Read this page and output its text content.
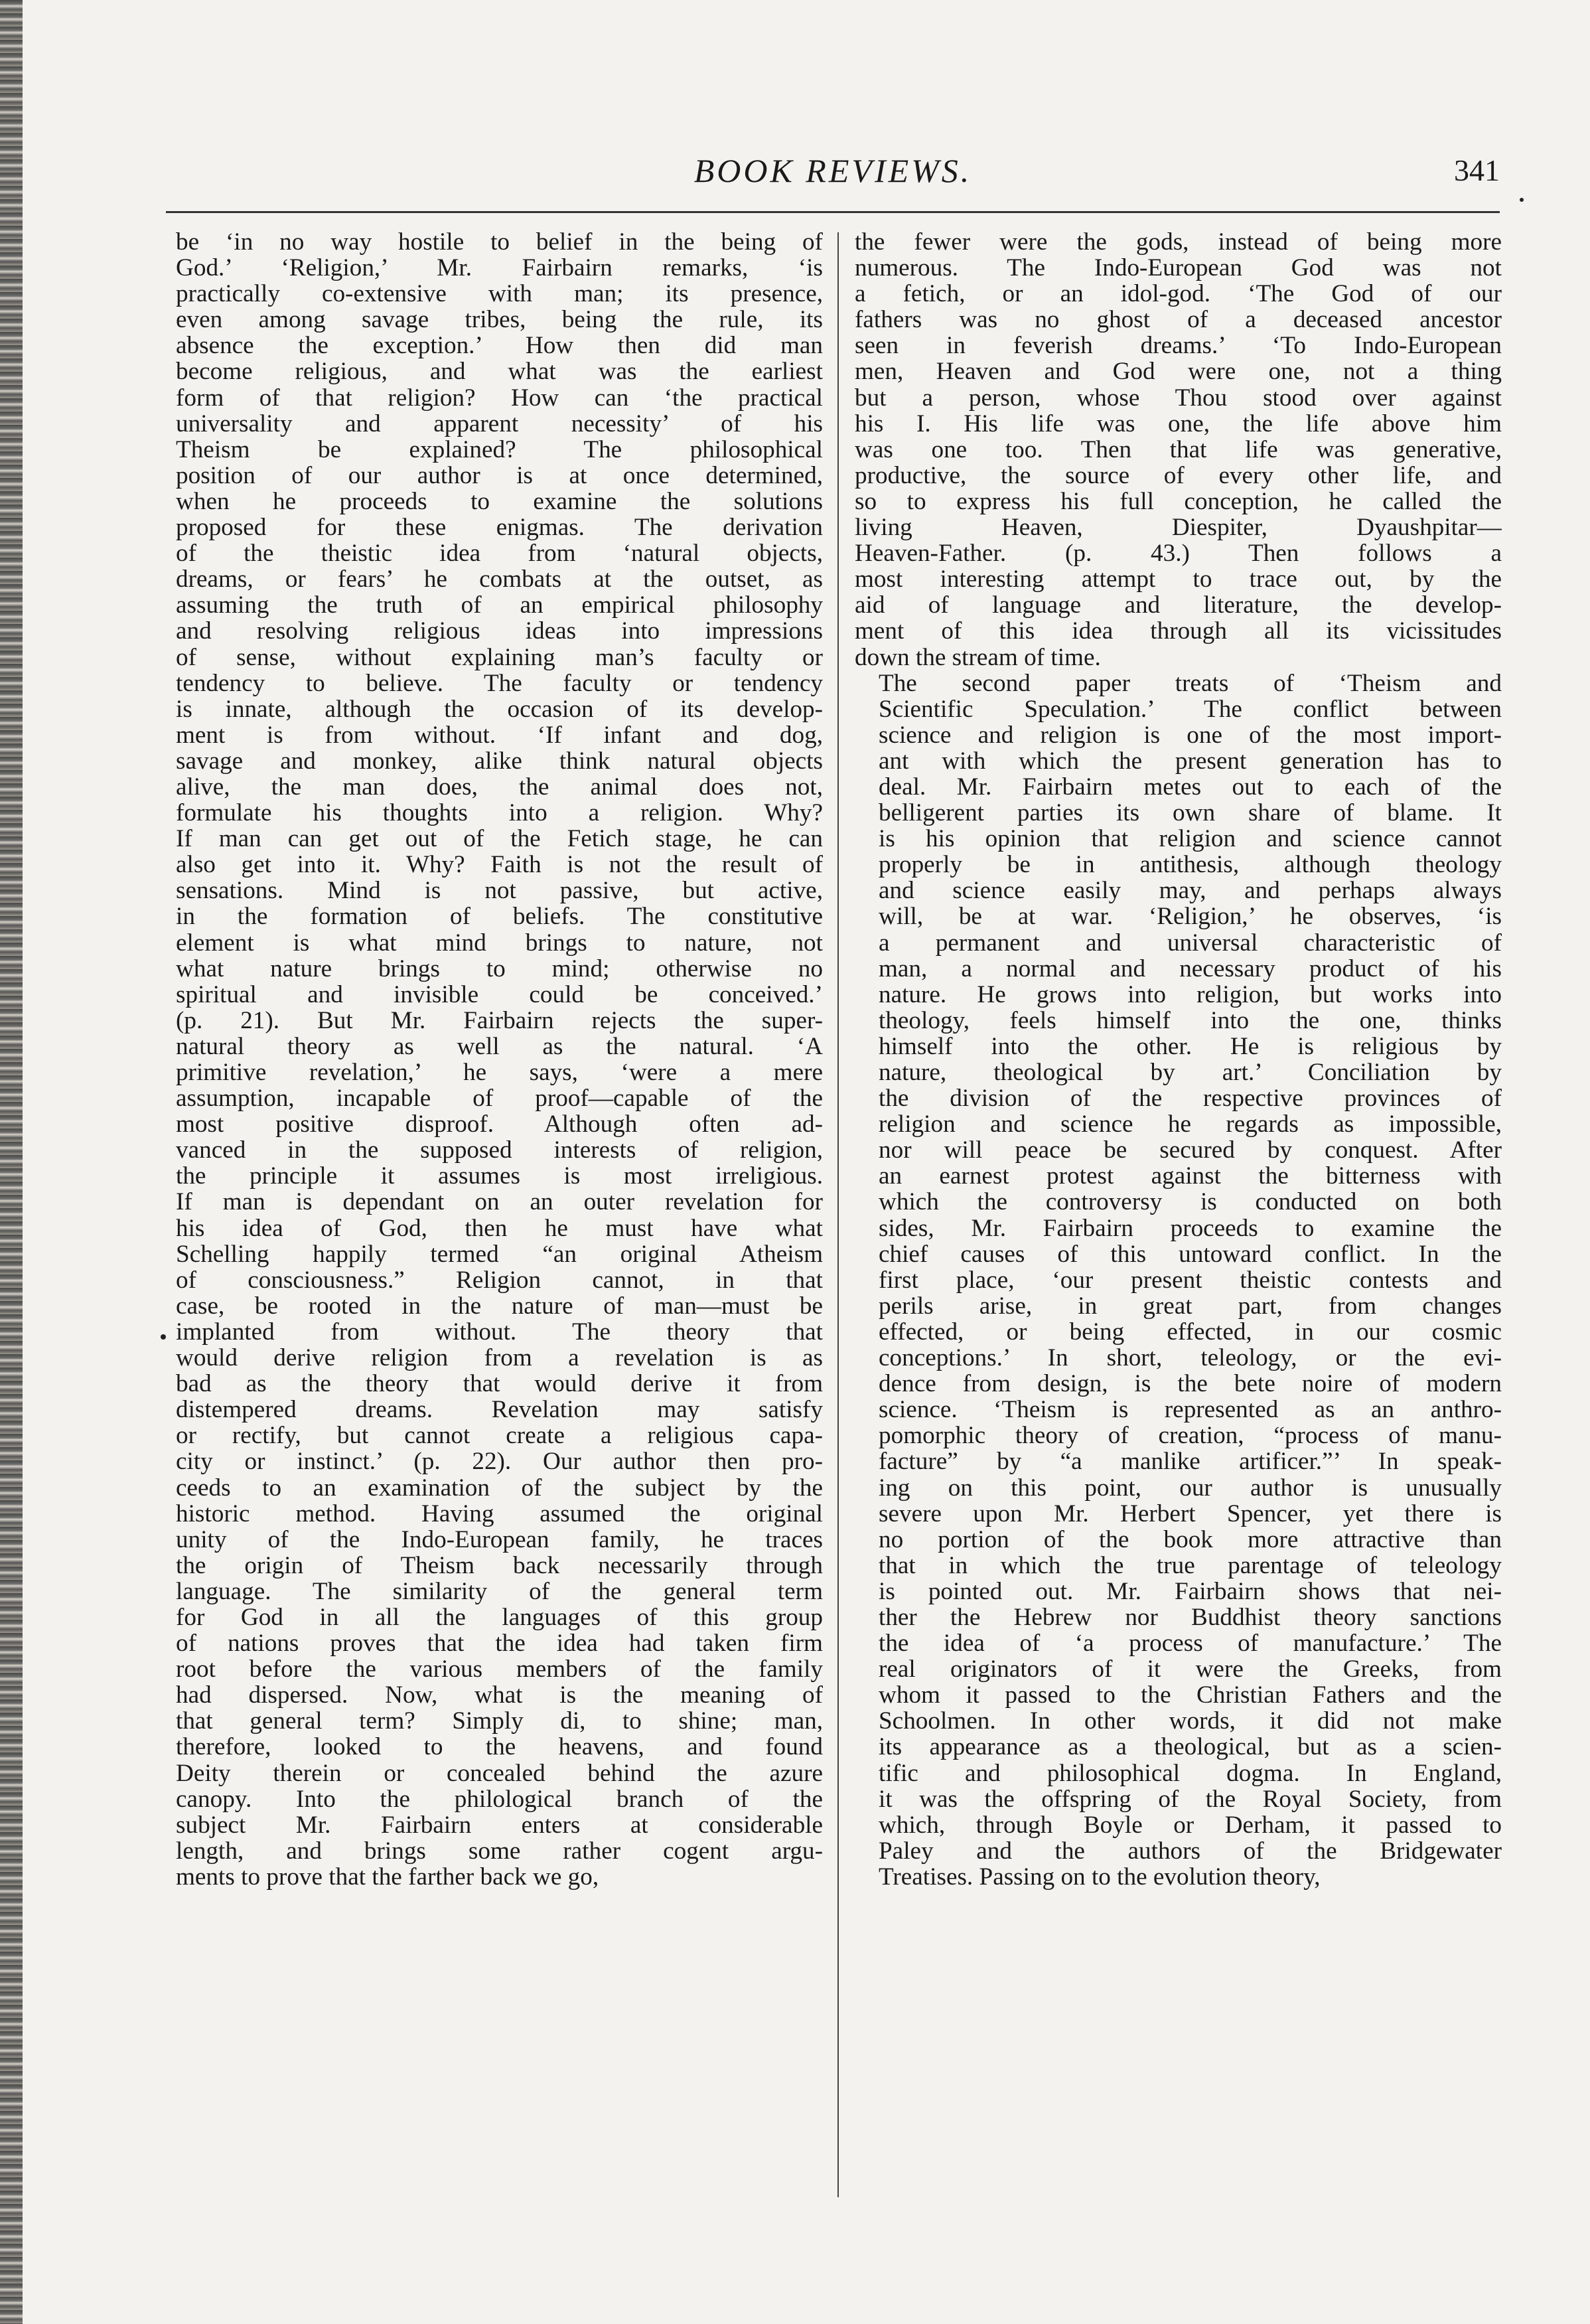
BOOK REVIEWS.	341

be ‘in no way hostile to belief in the being of
God.’ ‘Religion,’ Mr. Fairbairn remarks, ‘is
practically co-extensive with man; its presence,
even among savage tribes, being the rule, its
absence the exception.’ How then did man
become religious, and what was the earliest
form of that religion? How can ‘the practical
universality and apparent necessity’ of his
Theism be explained? The philosophical
position of our author is at once determined,
when he proceeds to examine the solutions
proposed for these enigmas. The derivation
of the theistic idea from ‘natural objects,
dreams, or fears’ he combats at the outset, as
assuming the truth of an empirical philosophy
and resolving religious ideas into impressions
of sense, without explaining man’s faculty or
tendency to believe. The faculty or tendency
is innate, although the occasion of its develop-
ment is from without. ‘If infant and dog,
savage and monkey, alike think natural objects
alive, the man does, the animal does not,
formulate his thoughts into a religion. Why?
If man can get out of the Fetich stage, he can
also get into it. Why? Faith is not the result of
sensations. Mind is not passive, but active,
in the formation of beliefs. The constitutive
element is what mind brings to nature, not
what nature brings to mind; otherwise no
spiritual and invisible could be conceived.’
(p. 21). But Mr. Fairbairn rejects the super-
natural theory as well as the natural. ‘A
primitive revelation,’ he says, ‘were a mere
assumption, incapable of proof—capable of the
most positive disproof. Although often ad-
vanced in the supposed interests of religion,
the principle it assumes is most irreligious.
If man is dependant on an outer revelation for
his idea of God, then he must have what
Schelling happily termed “an original Atheism
of consciousness.” Religion cannot, in that
case, be rooted in the nature of man—must be
implanted from without. The theory that
would derive religion from a revelation is as
bad as the theory that would derive it from
distempered dreams. Revelation may satisfy
or rectify, but cannot create a religious capa-
city or instinct.’ (p. 22). Our author then pro-
ceeds to an examination of the subject by the
historic method. Having assumed the original
unity of the Indo-European family, he traces
the origin of Theism back necessarily through
language. The similarity of the general term
for God in all the languages of this group
of nations proves that the idea had taken firm
root before the various members of the family
had dispersed. Now, what is the meaning of
that general term? Simply di, to shine; man,
therefore, looked to the heavens, and found
Deity therein or concealed behind the azure
canopy. Into the philological branch of the
subject Mr. Fairbairn enters at considerable
length, and brings some rather cogent argu-
ments to prove that the farther back we go,

the fewer were the gods, instead of being more
numerous. The Indo-European God was not
a fetich, or an idol-god. ‘The God of our
fathers was no ghost of a deceased ancestor
seen in feverish dreams.’ ‘To Indo-European
men, Heaven and God were one, not a thing
but a person, whose Thou stood over against
his I. His life was one, the life above him
was one too. Then that life was generative,
productive, the source of every other life, and
so to express his full conception, he called the
living Heaven, Diespiter, Dyaushpitar—
Heaven-Father. (p. 43.) Then follows a
most interesting attempt to trace out, by the
aid of language and literature, the develop-
ment of this idea through all its vicissitudes
down the stream of time.

The second paper treats of ‘Theism and
Scientific Speculation.’ The conflict between
science and religion is one of the most import-
ant with which the present generation has to
deal. Mr. Fairbairn metes out to each of the
belligerent parties its own share of blame. It
is his opinion that religion and science cannot
properly be in antithesis, although theology
and science easily may, and perhaps always
will, be at war. ‘Religion,’ he observes, ‘is
a permanent and universal characteristic of
man, a normal and necessary product of his
nature. He grows into religion, but works into
theology, feels himself into the one, thinks
himself into the other. He is religious by
nature, theological by art.’ Conciliation by
the division of the respective provinces of
religion and science he regards as impossible,
nor will peace be secured by conquest. After
an earnest protest against the bitterness with
which the controversy is conducted on both
sides, Mr. Fairbairn proceeds to examine the
chief causes of this untoward conflict. In the
first place, ‘our present theistic contests and
perils arise, in great part, from changes
effected, or being effected, in our cosmic
conceptions.’ In short, teleology, or the evi-
dence from design, is the bete noire of modern
science. ‘Theism is represented as an anthro-
pomorphic theory of creation, “process of manu-
facture” by “a manlike artificer.”’ In speak-
ing on this point, our author is unusually
severe upon Mr. Herbert Spencer, yet there is
no portion of the book more attractive than
that in which the true parentage of teleology
is pointed out. Mr. Fairbairn shows that nei-
ther the Hebrew nor Buddhist theory sanctions
the idea of ‘a process of manufacture.’ The
real originators of it were the Greeks, from
whom it passed to the Christian Fathers and the
Schoolmen. In other words, it did not make
its appearance as a theological, but as a scien-
tific and philosophical dogma. In England,
it was the offspring of the Royal Society, from
which, through Boyle or Derham, it passed to
Paley and the authors of the Bridgewater
Treatises. Passing on to the evolution theory,
